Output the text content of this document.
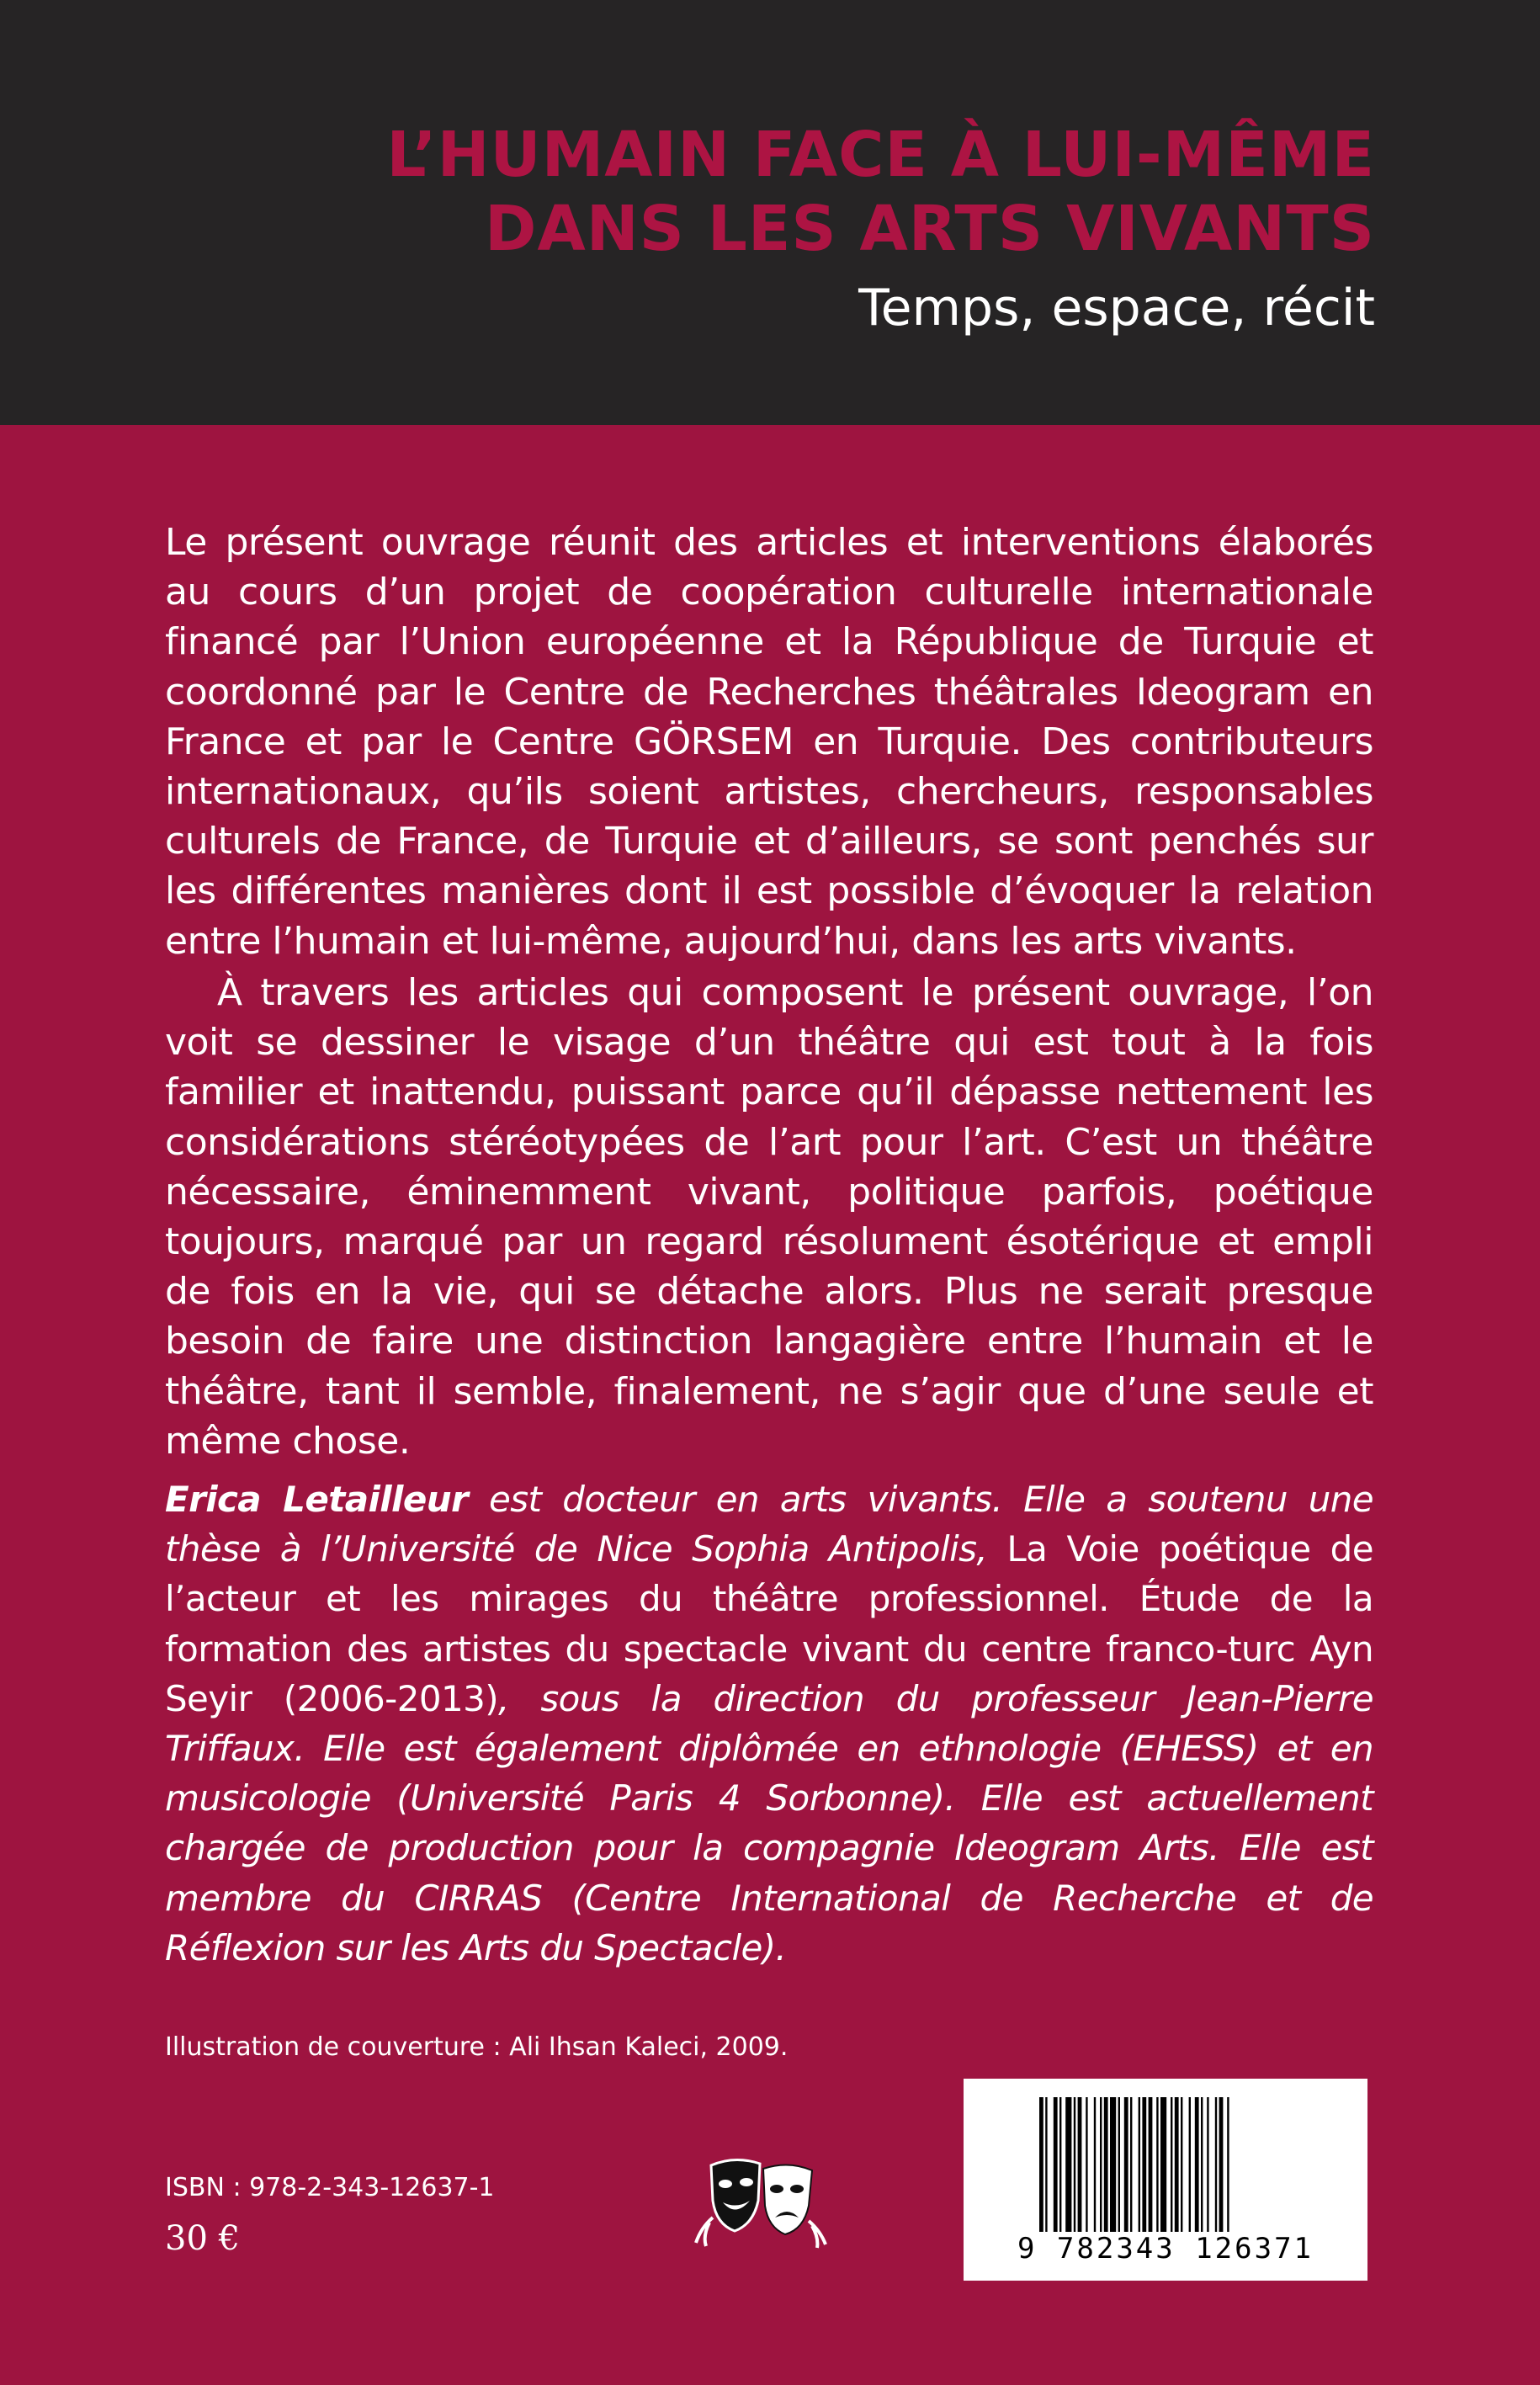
L’HUMAIN FACE À LUI-MÊME
DANS LES ARTS VIVANTS
Temps, espace, récit

Le présent ouvrage réunit des articles et interventions élaborés au cours d’un projet de coopération culturelle internationale financé par l’Union européenne et la République de Turquie et coordonné par le Centre de Recherches théâtrales Ideogram en France et par le Centre GÖRSEM en Turquie. Des contributeurs internationaux, qu’ils soient artistes, chercheurs, responsables culturels de France, de Turquie et d’ailleurs, se sont penchés sur les différentes manières dont il est possible d’évoquer la relation entre l’humain et lui-même, aujourd’hui, dans les arts vivants.

À travers les articles qui composent le présent ouvrage, l’on voit se dessiner le visage d’un théâtre qui est tout à la fois familier et inattendu, puissant parce qu’il dépasse nettement les considérations stéréotypées de l’art pour l’art. C’est un théâtre nécessaire, éminemment vivant, politique parfois, poétique toujours, marqué par un regard résolument ésotérique et empli de fois en la vie, qui se détache alors. Plus ne serait presque besoin de faire une distinction langagière entre l’humain et le théâtre, tant il semble, finalement, ne s’agir que d’une seule et même chose.

Erica Letailleur est docteur en arts vivants. Elle a soutenu une thèse à l’Université de Nice Sophia Antipolis, La Voie poétique de l’acteur et les mirages du théâtre professionnel. Étude de la formation des artistes du spectacle vivant du centre franco-turc Ayn Seyir (2006-2013), sous la direction du professeur Jean-Pierre Triffaux. Elle est également diplômée en ethnologie (EHESS) et en musicologie (Université Paris 4 Sorbonne). Elle est actuellement chargée de production pour la compagnie Ideogram Arts. Elle est membre du CIRRAS (Centre International de Recherche et de Réflexion sur les Arts du Spectacle).

Illustration de couverture : Ali Ihsan Kaleci, 2009.
ISBN : 978-2-343-12637-1
30 €	9 782343 126371
